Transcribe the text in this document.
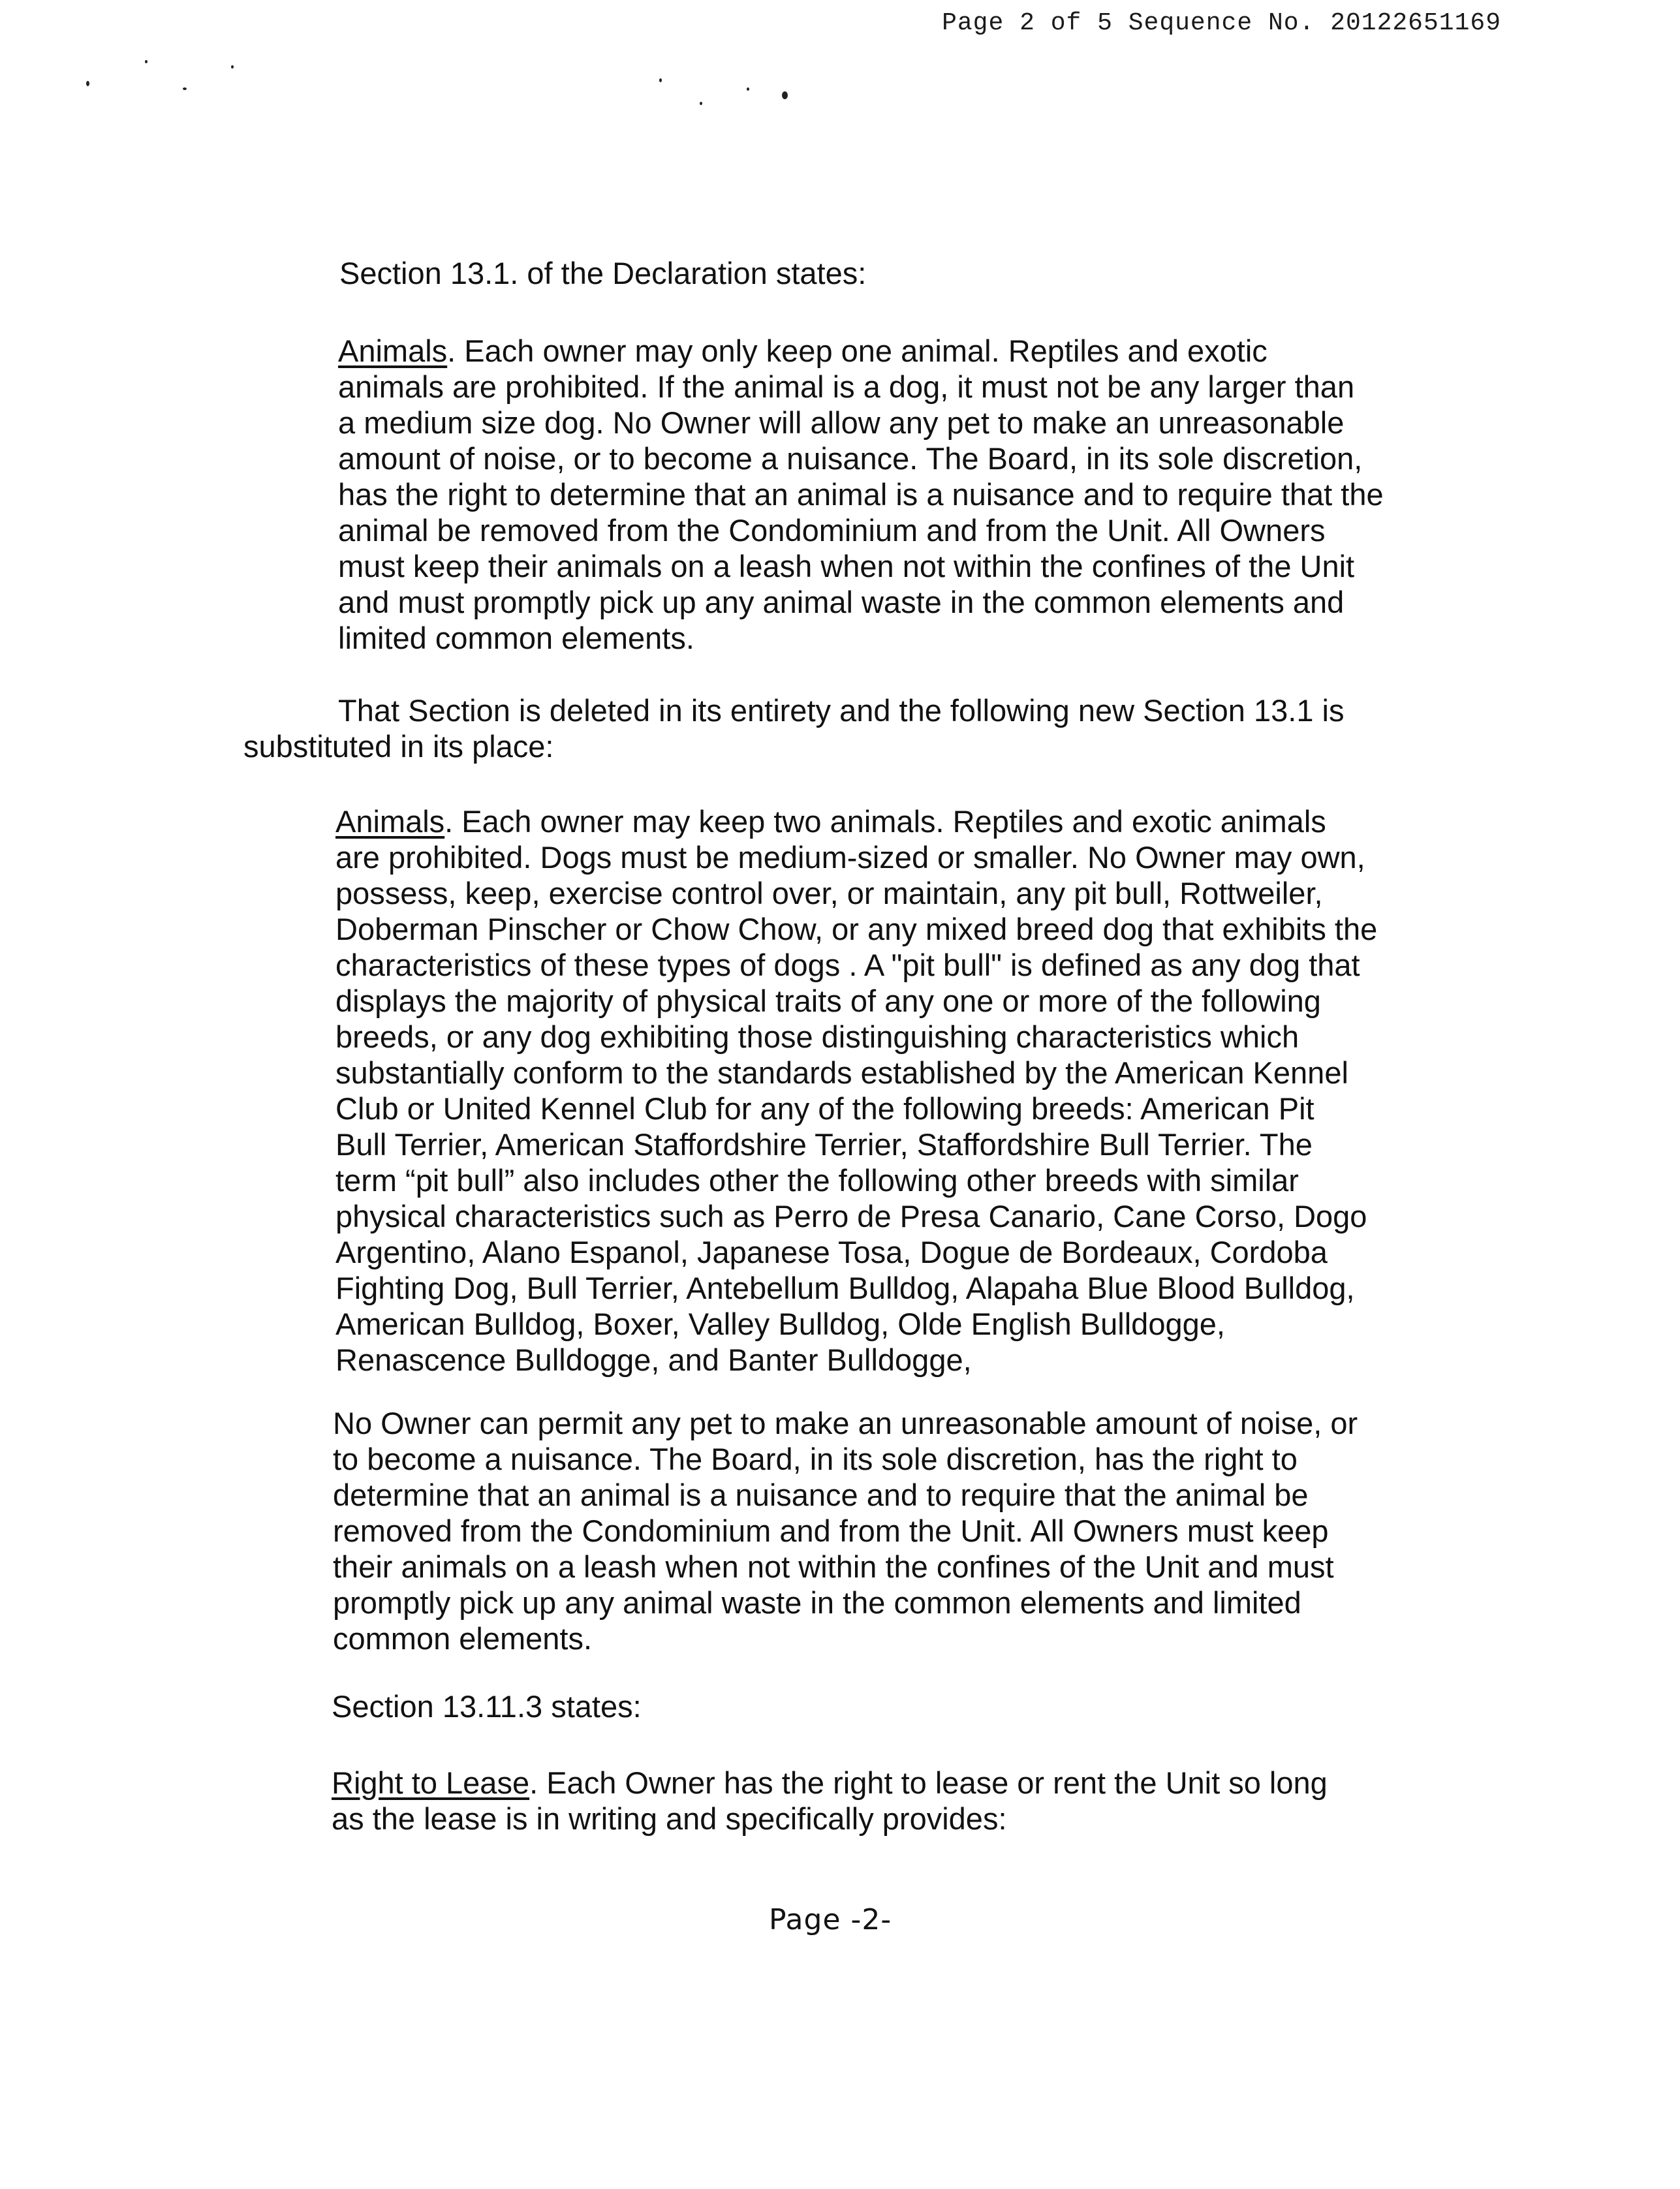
Page 2 of 5 Sequence No. 20122651169

Section 13.1. of the Declaration states:

Animals. Each owner may only keep one animal. Reptiles and exotic
animals are prohibited. If the animal is a dog, it must not be any larger than
a medium size dog. No Owner will allow any pet to make an unreasonable
amount of noise, or to become a nuisance. The Board, in its sole discretion,
has the right to determine that an animal is a nuisance and to require that the
animal be removed from the Condominium and from the Unit. All Owners
must keep their animals on a leash when not within the confines of the Unit
and must promptly pick up any animal waste in the common elements and
limited common elements.
That Section is deleted in its entirety and the following new Section 13.1 is
substituted in its place:
Animals. Each owner may keep two animals. Reptiles and exotic animals
are prohibited. Dogs must be medium-sized or smaller. No Owner may own,
possess, keep, exercise control over, or maintain, any pit bull, Rottweiler,
Doberman Pinscher or Chow Chow, or any mixed breed dog that exhibits the
characteristics of these types of dogs . A "pit bull" is defined as any dog that
displays the majority of physical traits of any one or more of the following
breeds, or any dog exhibiting those distinguishing characteristics which
substantially conform to the standards established by the American Kennel
Club or United Kennel Club for any of the following breeds: American Pit
Bull Terrier, American Staffordshire Terrier, Staffordshire Bull Terrier. The
term “pit bull” also includes other the following other breeds with similar
physical characteristics such as Perro de Presa Canario, Cane Corso, Dogo
Argentino, Alano Espanol, Japanese Tosa, Dogue de Bordeaux, Cordoba
Fighting Dog, Bull Terrier, Antebellum Bulldog, Alapaha Blue Blood Bulldog,
American Bulldog, Boxer, Valley Bulldog, Olde English Bulldogge,
Renascence Bulldogge, and Banter Bulldogge,
No Owner can permit any pet to make an unreasonable amount of noise, or
to become a nuisance. The Board, in its sole discretion, has the right to
determine that an animal is a nuisance and to require that the animal be
removed from the Condominium and from the Unit. All Owners must keep
their animals on a leash when not within the confines of the Unit and must
promptly pick up any animal waste in the common elements and limited
common elements.

Section 13.11.3 states:

Right to Lease. Each Owner has the right to lease or rent the Unit so long
as the lease is in writing and specifically provides:
Page -2-
